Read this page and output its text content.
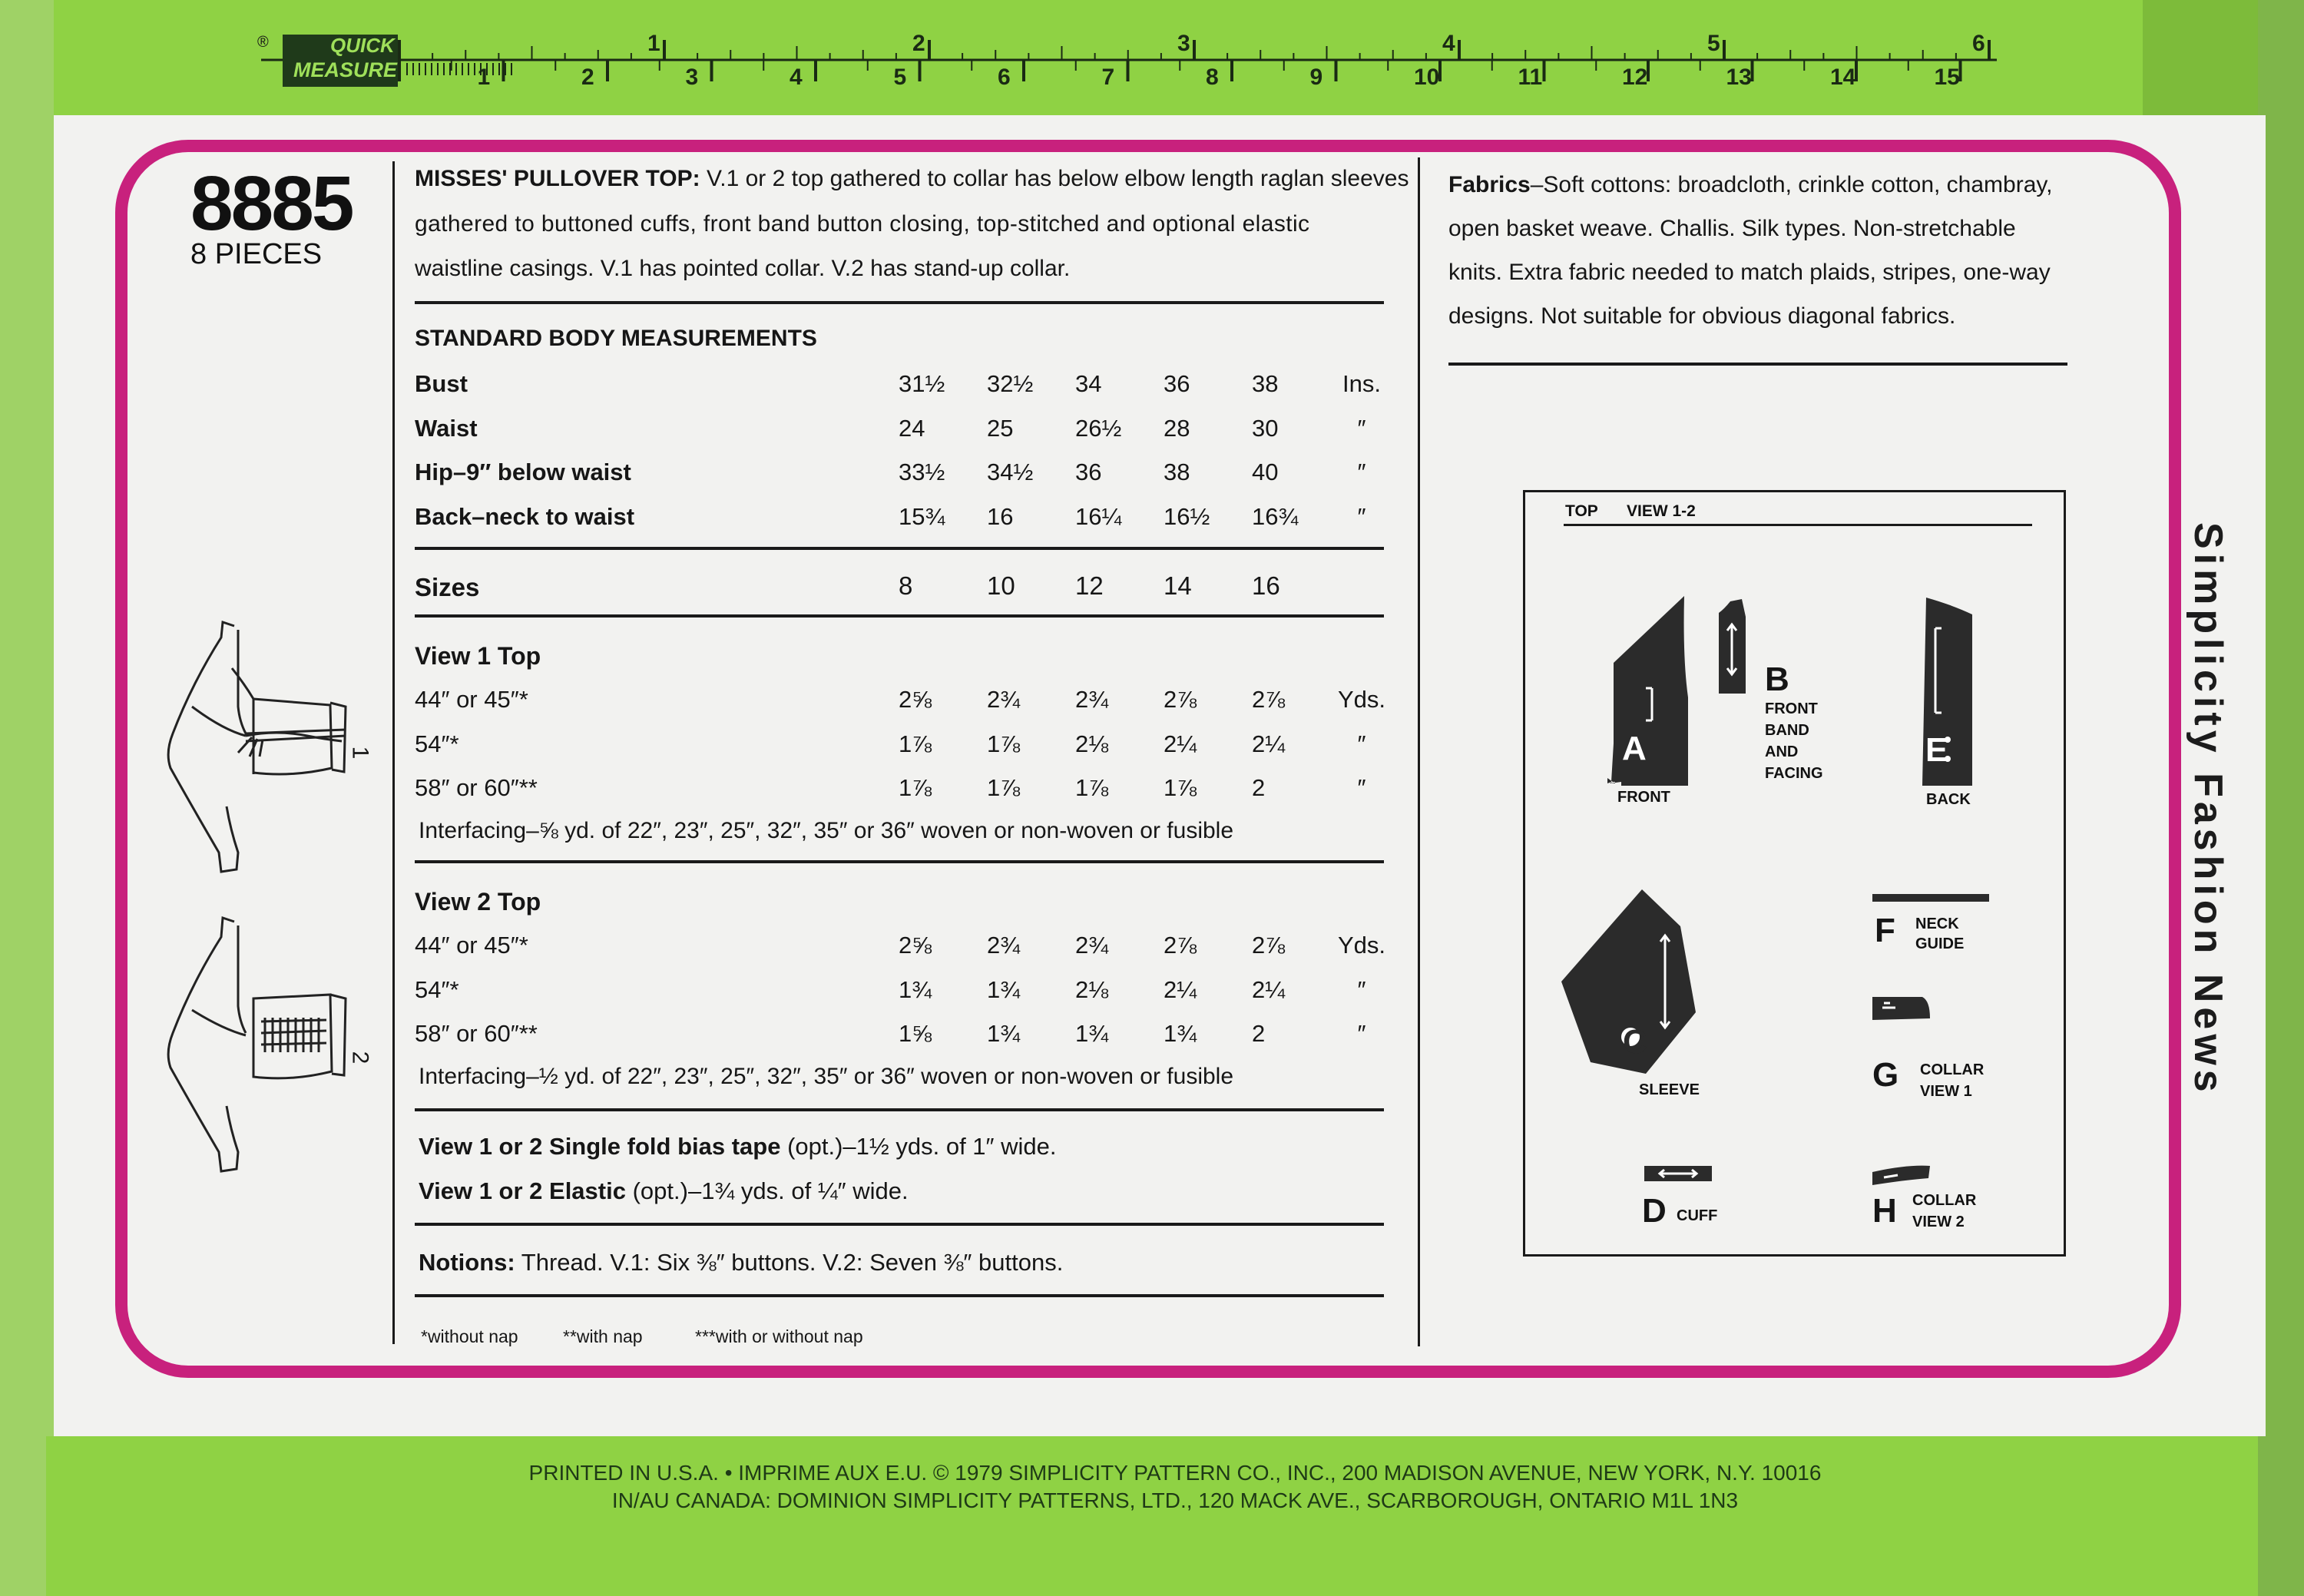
1	2	3	4	5	6
1	2	3	4	5	6	7	8	9	10	11	12	13	14	15
®	QUICK
MEASURE
Simplicity Fashion News
8885
8 PIECES
MISSES' PULLOVER TOP: V.1 or 2 top gathered to collar has below elbow length raglan sleeves
gathered to buttoned cuffs, front band button closing, top-stitched and optional elastic
waistline casings. V.1 has pointed collar. V.2 has stand-up collar.
STANDARD BODY MEASUREMENTS
Sizes
View 1 Top
Interfacing–⅝ yd. of 22″, 23″, 25″, 32″, 35″ or 36″ woven or non-woven or fusible
View 2 Top
Interfacing–½ yd. of 22″, 23″, 25″, 32″, 35″ or 36″ woven or non-woven or fusible
View 1 or 2 Single fold bias tape (opt.)–1½ yds. of 1″ wide.
View 1 or 2 Elastic (opt.)–1¾ yds. of ¼″ wide.
Notions: Thread. V.1: Six ⅜″ buttons. V.2: Seven ⅜″ buttons.
*without nap	**with nap	***with or without nap
Fabrics–Soft cottons: broadcloth, crinkle cotton, chambray,
open basket weave. Challis. Silk types. Non-stretchable
knits. Extra fabric needed to match plaids, stripes, one-way
designs. Not suitable for obvious diagonal fabrics.
1
2
TOP VIEW 1-2
A
FRONT
B
FRONT
BAND
AND
FACING
E
BACK
C
SLEEVE
F NECK
GUIDE
G COLLAR
VIEW 1
D CUFF	H COLLAR
VIEW 2
PRINTED IN U.S.A. • IMPRIME AUX E.U. © 1979 SIMPLICITY PATTERN CO., INC., 200 MADISON AVENUE, NEW YORK, N.Y. 10016
IN/AU CANADA: DOMINION SIMPLICITY PATTERNS, LTD., 120 MACK AVE., SCARBOROUGH, ONTARIO M1L 1N3
Bust	31½ 32½ 34	36	38	Ins.
Waist	24	25	26½ 28	30	″
Hip–9″ below waist	33½ 34½ 36	38	40	″
Back–neck to waist	15¾ 16	16¼ 16½ 16¾ ″
44″ or 45″*	2⅝ 2¾ 2¾ 2⅞ 2⅞ Yds.
54″*	1⅞ 1⅞ 2⅛ 2¼ 2¼	″
58″ or 60″**	1⅞ 1⅞ 1⅞ 1⅞ 2	″
44″ or 45″*	2⅝ 2¾ 2¾ 2⅞ 2⅞ Yds.
54″*	1¾ 1¾ 2⅛ 2¼ 2¼	″
58″ or 60″**	1⅝ 1¾ 1¾ 1¾ 2	″
8	10 12 14 16
